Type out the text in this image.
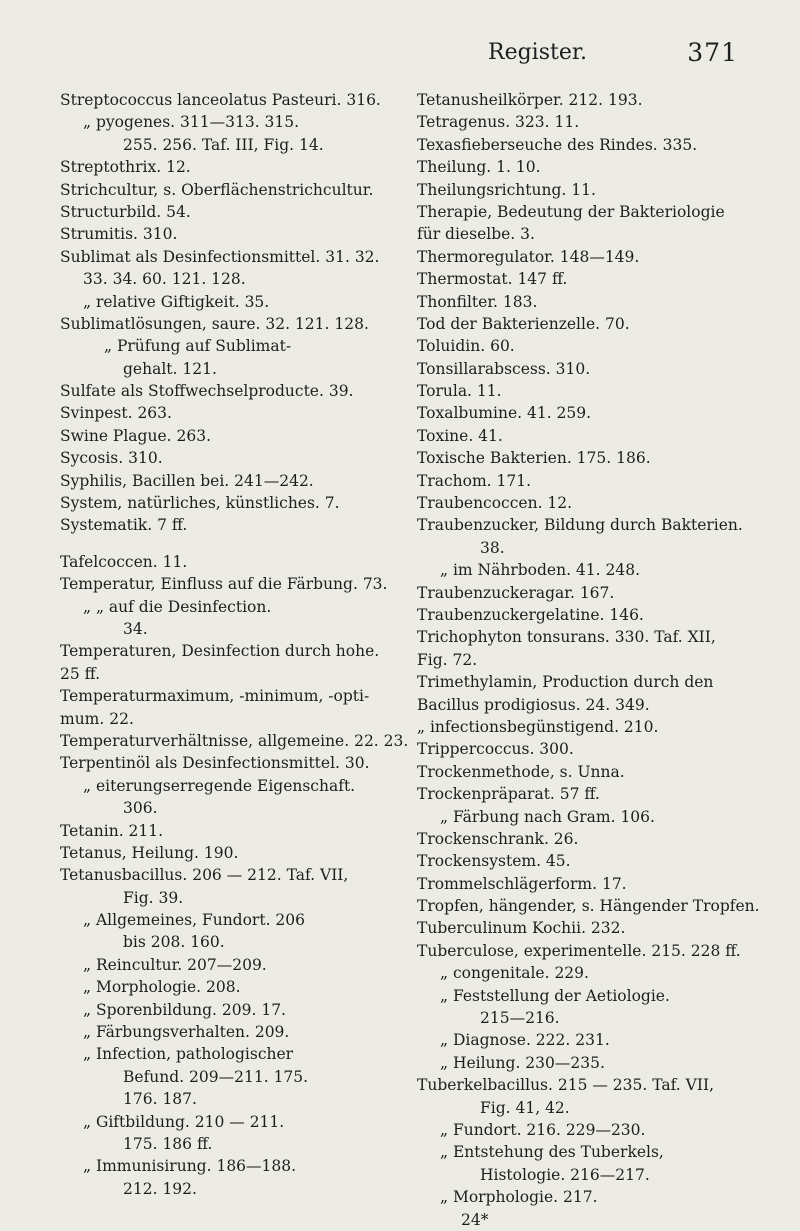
Register.	371
Streptococcus lanceolatus Pasteuri. 316.
„ pyogenes. 311—313. 315.
255. 256. Taf. III, Fig. 14.
Streptothrix. 12.
Strichcultur, s. Oberflächenstrichcultur.
Structurbild. 54.
Strumitis. 310.
Sublimat als Desinfectionsmittel. 31. 32.
33. 34. 60. 121. 128.
„ relative Giftigkeit. 35.
Sublimatlösungen, saure. 32. 121. 128.
„ Prüfung auf Sublimat-
gehalt. 121.
Sulfate als Stoffwechselproducte. 39.
Svinpest. 263.
Swine Plague. 263.
Sycosis. 310.
Syphilis, Bacillen bei. 241—242.
System, natürliches, künstliches. 7.
Systematik. 7 ff.
Tafelcoccen. 11.
Temperatur, Einfluss auf die Färbung. 73.
„ „ auf die Desinfection.
34.
Temperaturen, Desinfection durch hohe.
25 ff.
Temperaturmaximum, -minimum, -opti-
mum. 22.
Temperaturverhältnisse, allgemeine. 22. 23.
Terpentinöl als Desinfectionsmittel. 30.
„ eiterungserregende Eigenschaft.
306.
Tetanin. 211.
Tetanus, Heilung. 190.
Tetanusbacillus. 206 — 212. Taf. VII,
Fig. 39.
„ Allgemeines, Fundort. 206
bis 208. 160.
„ Reincultur. 207—209.
„ Morphologie. 208.
„ Sporenbildung. 209. 17.
„ Färbungsverhalten. 209.
„ Infection, pathologischer
Befund. 209—211. 175.
176. 187.
„ Giftbildung. 210 — 211.
175. 186 ff.
„ Immunisirung. 186—188.
212. 192.
Tetanusheilkörper. 212. 193.
Tetragenus. 323. 11.
Texasfieberseuche des Rindes. 335.
Theilung. 1. 10.
Theilungsrichtung. 11.
Therapie, Bedeutung der Bakteriologie
für dieselbe. 3.
Thermoregulator. 148—149.
Thermostat. 147 ff.
Thonfilter. 183.
Tod der Bakterienzelle. 70.
Toluidin. 60.
Tonsillarabscess. 310.
Torula. 11.
Toxalbumine. 41. 259.
Toxine. 41.
Toxische Bakterien. 175. 186.
Trachom. 171.
Traubencoccen. 12.
Traubenzucker, Bildung durch Bakterien.
38.
„ im Nährboden. 41. 248.
Traubenzuckeragar. 167.
Traubenzuckergelatine. 146.
Trichophyton tonsurans. 330. Taf. XII,
Fig. 72.
Trimethylamin, Production durch den
Bacillus prodigiosus. 24. 349.
„ infectionsbegünstigend. 210.
Trippercoccus. 300.
Trockenmethode, s. Unna.
Trockenpräparat. 57 ff.
„ Färbung nach Gram. 106.
Trockenschrank. 26.
Trockensystem. 45.
Trommelschlägerform. 17.
Tropfen, hängender, s. Hängender Tropfen.
Tuberculinum Kochii. 232.
Tuberculose, experimentelle. 215. 228 ff.
„ congenitale. 229.
„ Feststellung der Aetiologie.
215—216.
„ Diagnose. 222. 231.
„ Heilung. 230—235.
Tuberkelbacillus. 215 — 235. Taf. VII,
Fig. 41, 42.
„ Fundort. 216. 229—230.
„ Entstehung des Tuberkels,
Histologie. 216—217.
„ Morphologie. 217.
24*
